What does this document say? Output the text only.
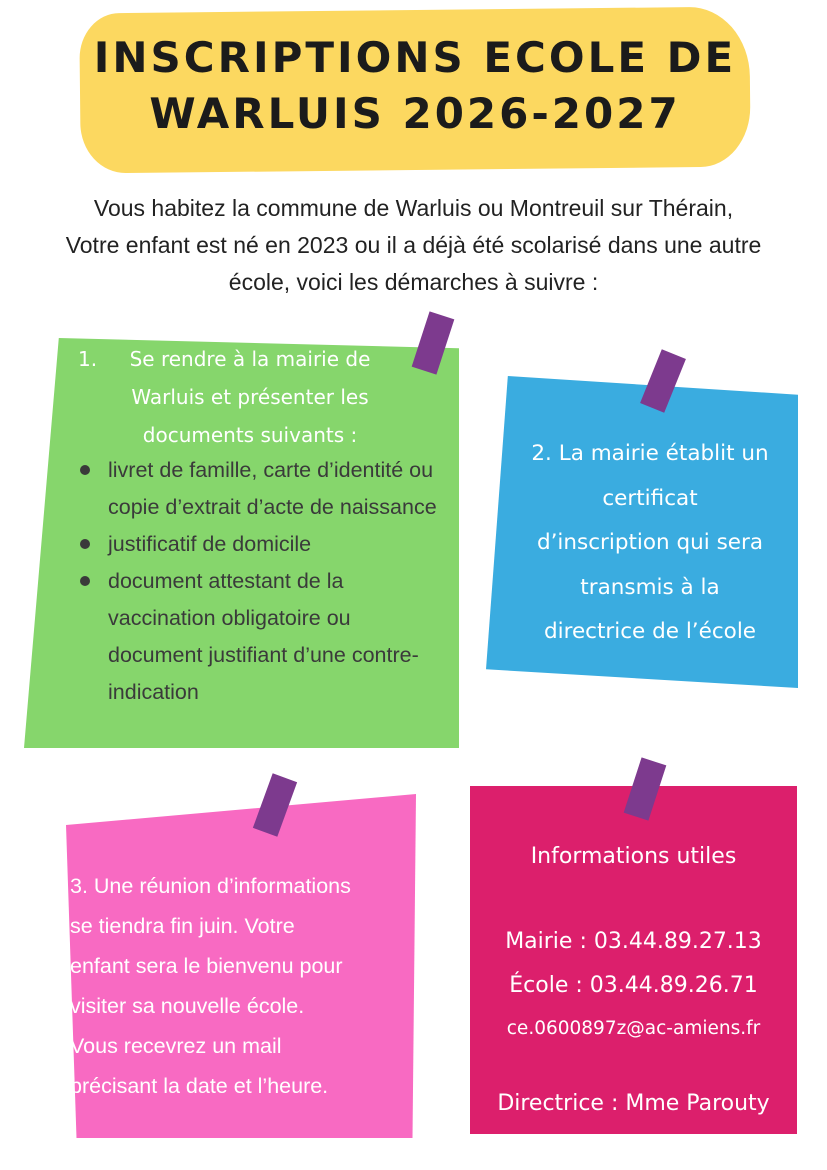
INSCRIPTIONS ECOLE DE
WARLUIS 2026-2027
Vous habitez la commune de Warluis ou Montreuil sur Thérain,
Votre enfant est né en 2023 ou il a déjà été scolarisé dans une autre
école, voici les démarches à suivre :
1.	Se rendre à la mairie de
Warluis et présenter les
documents suivants :
livret de famille, carte d’identité ou copie d’extrait d’acte de naissance
justificatif de domicile
document attestant de la vaccination obligatoire ou document justifiant d’une contre-indication
2. La mairie établit un
certificat
d’inscription qui sera
transmis à la
directrice de l’école
3. Une réunion d’informations
se tiendra fin juin. Votre
enfant sera le bienvenu pour
visiter sa nouvelle école.
Vous recevrez un mail
précisant la date et l’heure.
Informations utiles
Mairie : 03.44.89.27.13
École : 03.44.89.26.71
ce.0600897z@ac-amiens.fr
Directrice : Mme Parouty
